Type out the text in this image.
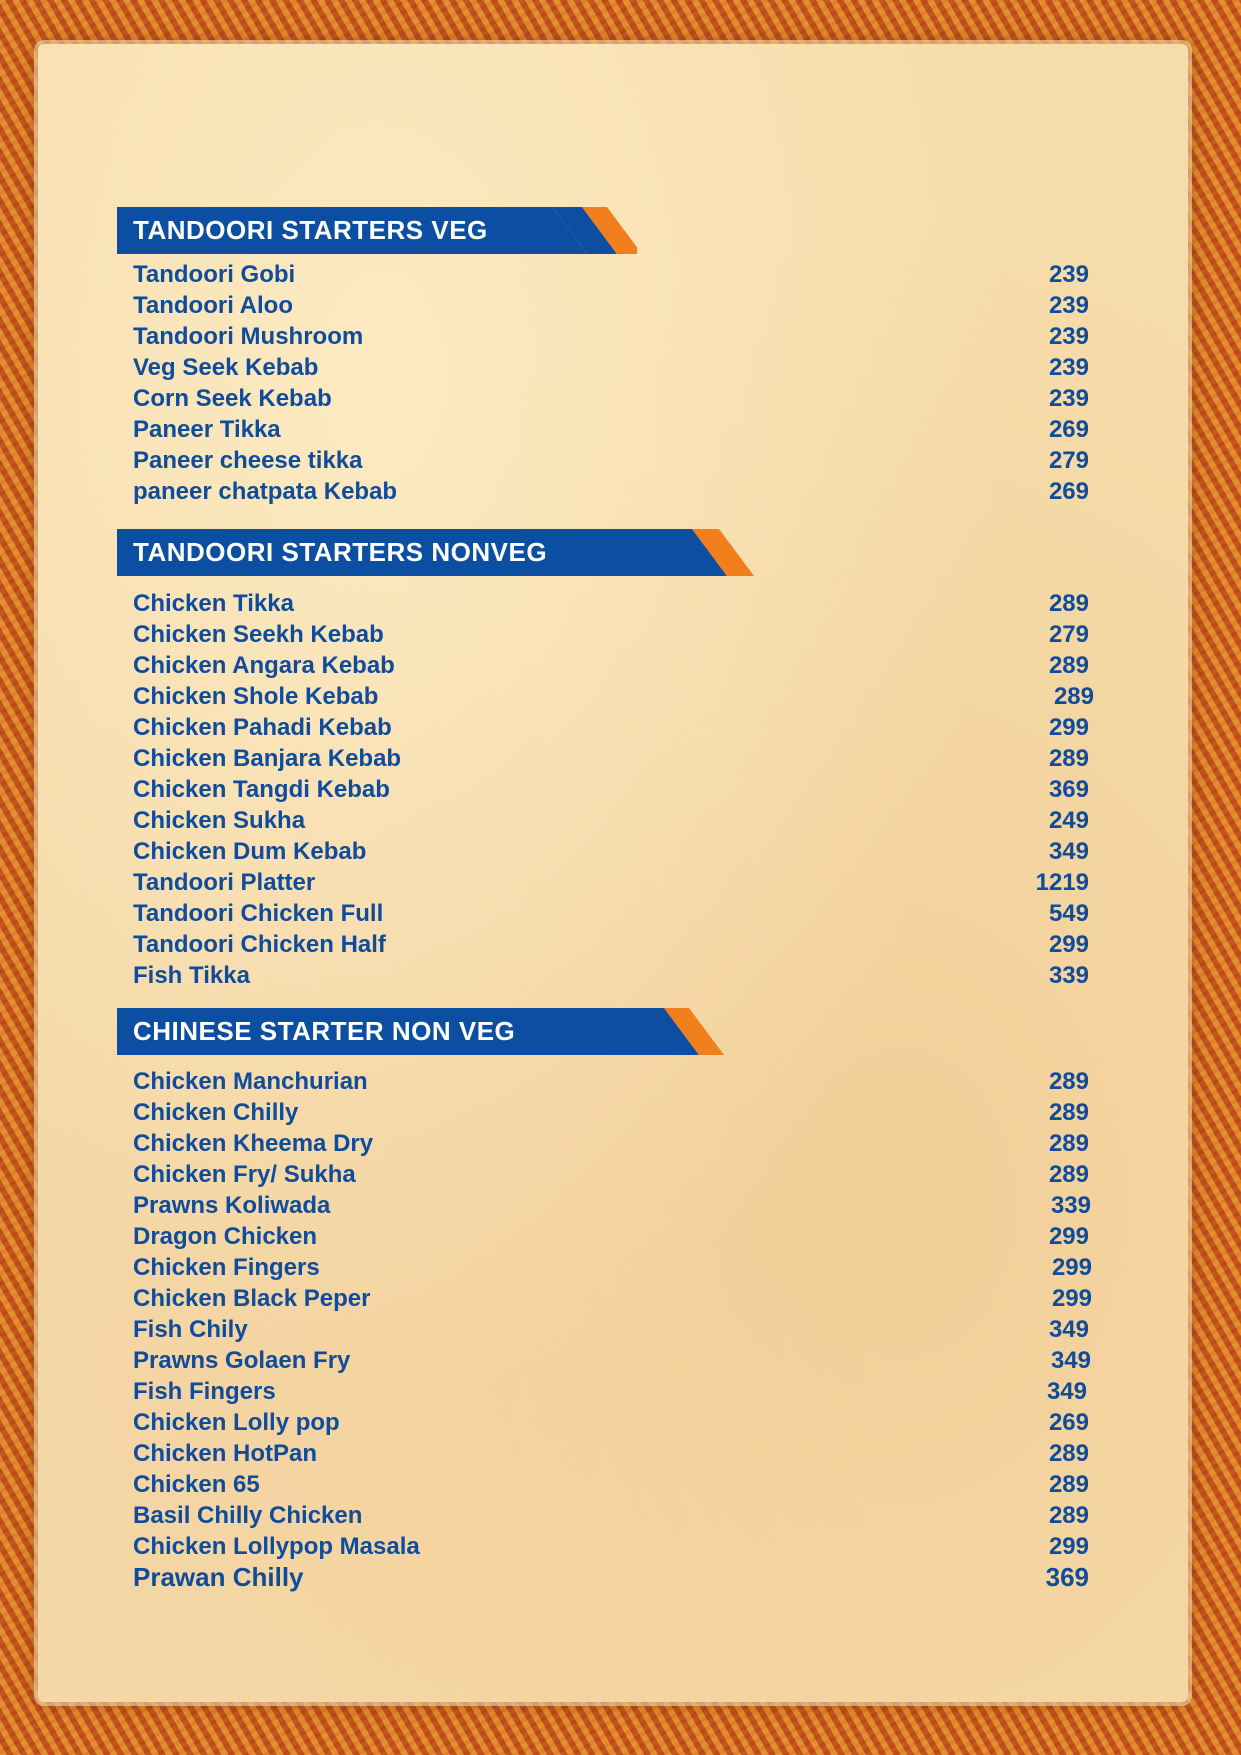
TANDOORI STARTERS VEG
Tandoori Gobi	239
Tandoori Aloo	239
Tandoori Mushroom	239
Veg Seek Kebab	239
Corn Seek Kebab	239
Paneer Tikka	269
Paneer cheese tikka	279
paneer chatpata Kebab	269
TANDOORI STARTERS NONVEG
Chicken Tikka	289
Chicken Seekh Kebab	279
Chicken Angara Kebab	289
Chicken Shole Kebab	289
Chicken Pahadi Kebab	299
Chicken Banjara Kebab	289
Chicken Tangdi Kebab	369
Chicken Sukha	249
Chicken Dum Kebab	349
Tandoori Platter	1219
Tandoori Chicken Full	549
Tandoori Chicken Half	299
Fish Tikka	339
CHINESE STARTER NON VEG
Chicken Manchurian	289
Chicken Chilly	289
Chicken Kheema Dry	289
Chicken Fry/ Sukha	289
Prawns Koliwada	339
Dragon Chicken	299
Chicken Fingers	299
Chicken Black Peper	299
Fish Chily	349
Prawns Golaen Fry	349
Fish Fingers	349
Chicken Lolly pop	269
Chicken HotPan	289
Chicken 65	289
Basil Chilly Chicken	289
Chicken Lollypop Masala	299
Prawan Chilly	369
